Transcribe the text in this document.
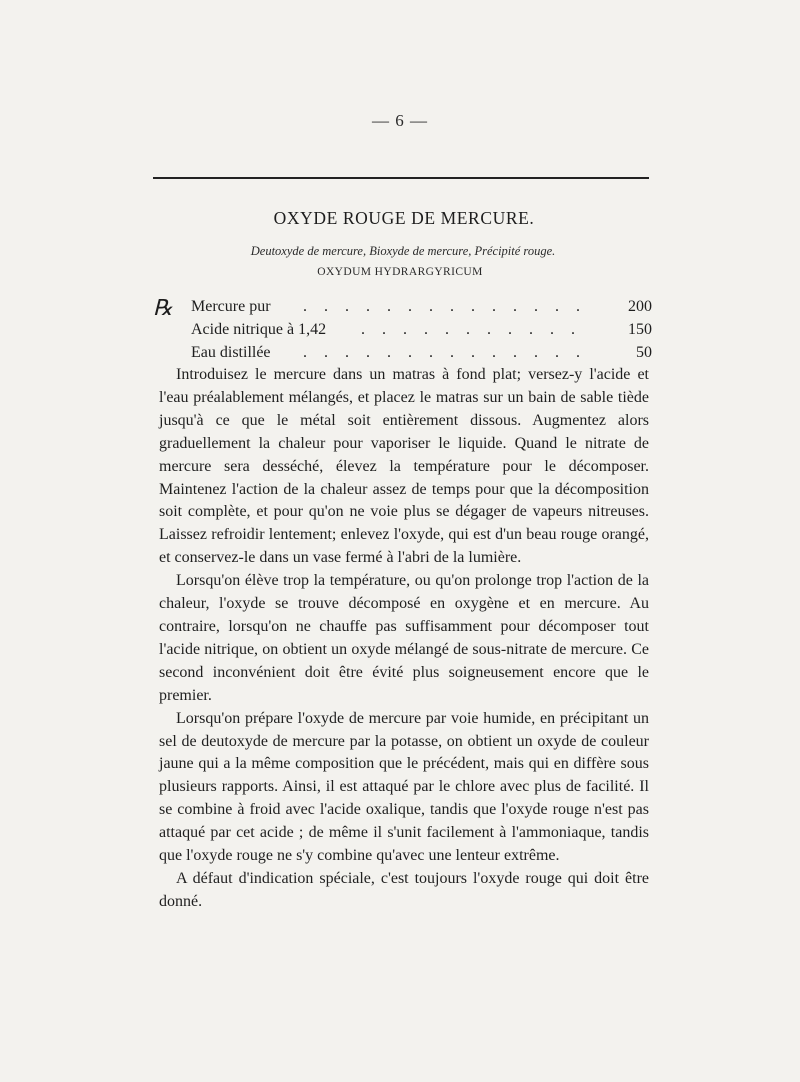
— 6 —
OXYDE ROUGE DE MERCURE.
Deutoxyde de mercure, Bioxyde de mercure, Précipité rouge.
OXYDUM HYDRARGYRICUM
℞ Mercure pur . . . . . . . . . . . . . .	200
Acide nitrique à 1,42 . . . . . . . . . . .	150
Eau distillée . . . . . . . . . . . . . .	50

Introduisez le mercure dans un matras à fond plat; versez-y l'acide et l'eau préalablement mélangés, et placez le matras sur un bain de sable tiède jusqu'à ce que le métal soit entièrement dissous. Augmentez alors graduellement la chaleur pour vaporiser le liquide. Quand le nitrate de mercure sera desséché, élevez la température pour le décomposer. Maintenez l'action de la chaleur assez de temps pour que la décomposition soit complète, et pour qu'on ne voie plus se dégager de vapeurs nitreuses. Laissez refroidir lentement; enlevez l'oxyde, qui est d'un beau rouge orangé, et conservez-le dans un vase fermé à l'abri de la lumière.

Lorsqu'on élève trop la température, ou qu'on prolonge trop l'action de la chaleur, l'oxyde se trouve décomposé en oxygène et en mercure. Au contraire, lorsqu'on ne chauffe pas suffisamment pour décomposer tout l'acide nitrique, on obtient un oxyde mélangé de sous-nitrate de mercure. Ce second inconvénient doit être évité plus soigneusement encore que le premier.

Lorsqu'on prépare l'oxyde de mercure par voie humide, en précipitant un sel de deutoxyde de mercure par la potasse, on obtient un oxyde de couleur jaune qui a la même composition que le précédent, mais qui en diffère sous plusieurs rapports. Ainsi, il est attaqué par le chlore avec plus de facilité. Il se combine à froid avec l'acide oxalique, tandis que l'oxyde rouge n'est pas attaqué par cet acide ; de même il s'unit facilement à l'ammoniaque, tandis que l'oxyde rouge ne s'y combine qu'avec une lenteur extrême.

A défaut d'indication spéciale, c'est toujours l'oxyde rouge qui doit être donné.
